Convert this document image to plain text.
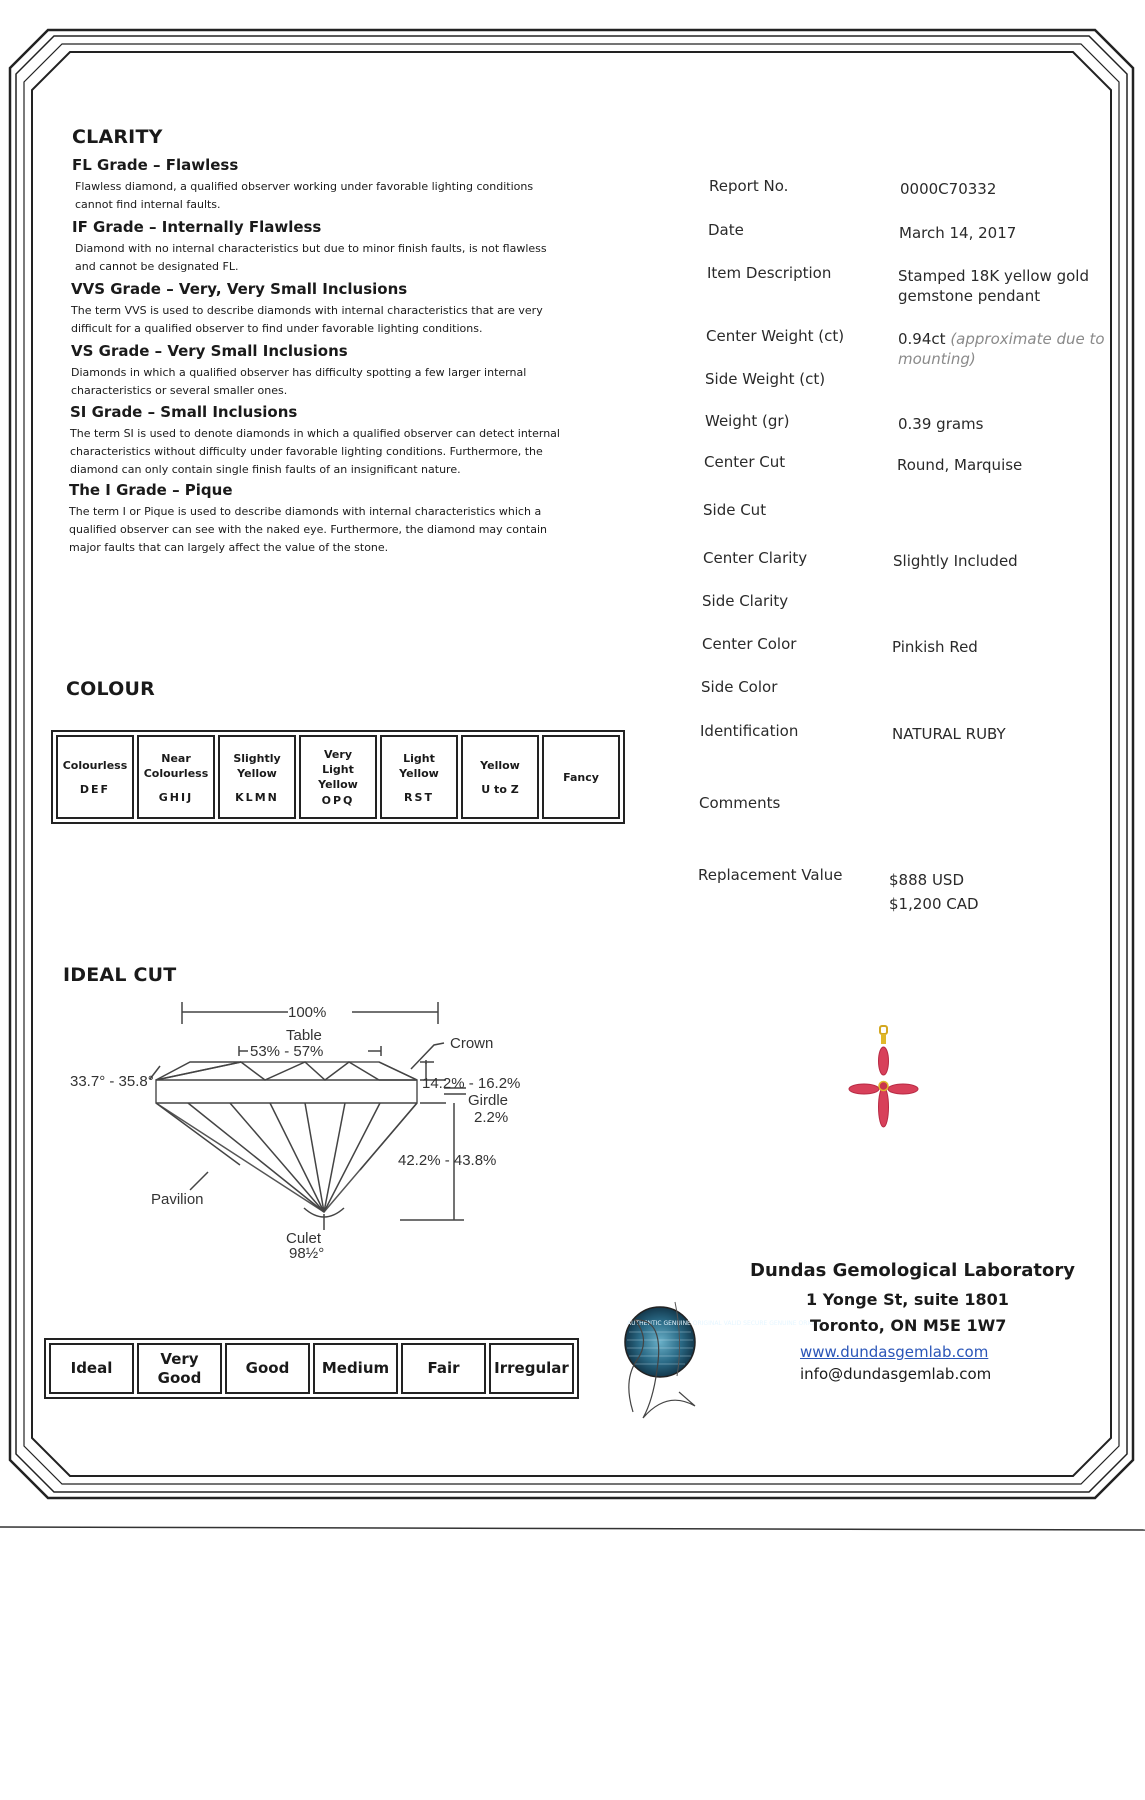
CLARITY
FL Grade – Flawless
Flawless diamond, a qualified observer working under favorable lighting conditions
cannot find internal faults.
IF Grade – Internally Flawless
Diamond with no internal characteristics but due to minor finish faults, is not flawless
and cannot be designated FL.
VVS Grade – Very, Very Small Inclusions
The term VVS is used to describe diamonds with internal characteristics that are very
difficult for a qualified observer to find under favorable lighting conditions.
VS Grade – Very Small Inclusions
Diamonds in which a qualified observer has difficulty spotting a few larger internal
characteristics or several smaller ones.
SI Grade – Small Inclusions
The term SI is used to denote diamonds in which a qualified observer can detect internal
characteristics without difficulty under favorable lighting conditions. Furthermore, the
diamond can only contain single finish faults of an insignificant nature.
The I Grade – Pique
The term I or Pique is used to describe diamonds with internal characteristics which a
qualified observer can see with the naked eye. Furthermore, the diamond may contain
major faults that can largely affect the value of the stone.
COLOUR
Colourless
DEF

Near
Colourless
GHIJ

Slightly
Yellow
KLMN

Very
Light
Yellow
OPQ

Light
Yellow
RST

Yellow
U to Z

Fancy
IDEAL CUT
100%
Table
53% - 57%	Crown
33.7° - 35.8°	14.2% - 16.2%
Girdle
2.2%
42.2% - 43.8%
Pavilion
Culet
98½°
Ideal

Very
Good

Good	Medium	Fair	Irregular
Report No.	0000C70332
Date	March 14, 2017
Item Description	Stamped 18K yellow gold
gemstone pendant
Center Weight (ct)	0.94ct (approximate due to
mounting)
Side Weight (ct)
Weight (gr)	0.39 grams
Center Cut	Round, Marquise
Side Cut
Center Clarity	Slightly Included
Side Clarity
Center Color	Pinkish Red
Side Color
Identification	NATURAL RUBY
Comments
Replacement Value	$888 USD
$1,200 CAD
AUTHENTIC GENUINE ORIGINAL VALID SECURE GENUINE ORIGIN
Dundas Gemological Laboratory
1 Yonge St, suite 1801
Toronto, ON M5E 1W7
www.dundasgemlab.com
info@dundasgemlab.com
